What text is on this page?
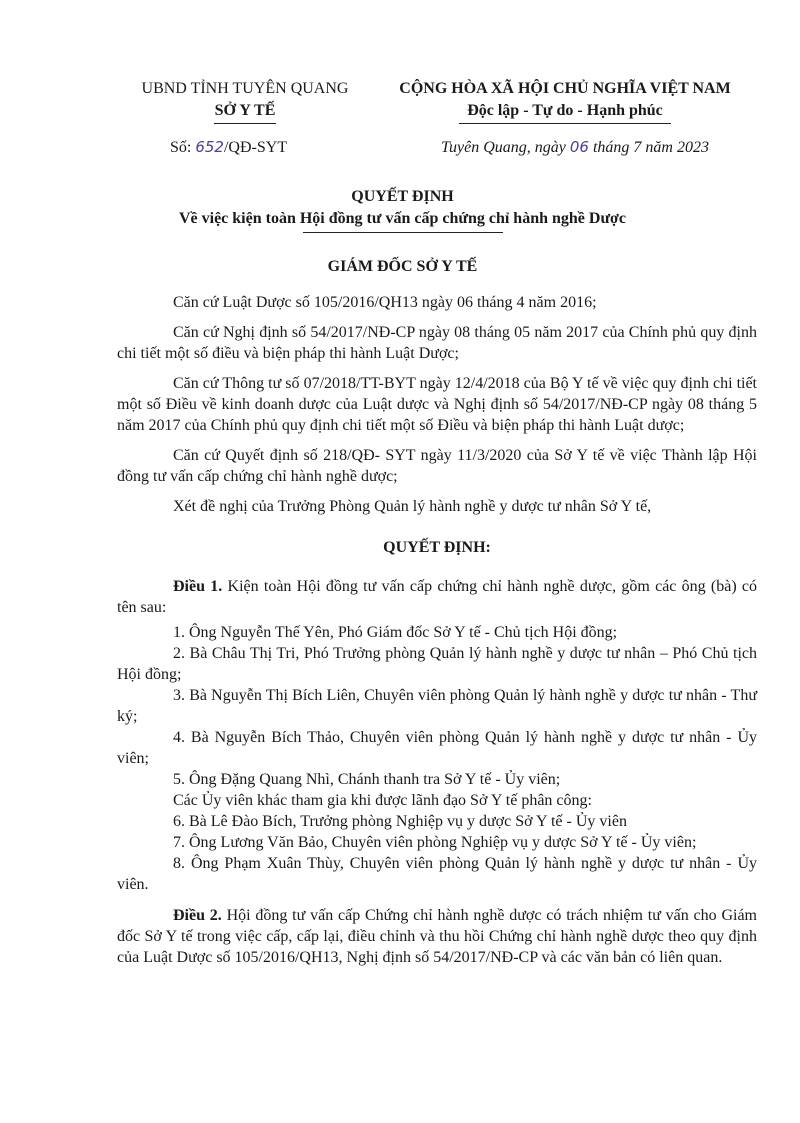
UBND TỈNH TUYÊN QUANG
SỞ Y TẾ
CỘNG HÒA XÃ HỘI CHỦ NGHĨA VIỆT NAM
Độc lập - Tự do - Hạnh phúc
Số: 652/QĐ-SYT	Tuyên Quang, ngày 06 tháng 7 năm 2023
QUYẾT ĐỊNH
Về việc kiện toàn Hội đồng tư vấn cấp chứng chỉ hành nghề Dược
GIÁM ĐỐC SỞ Y TẾ

Căn cứ Luật Dược số 105/2016/QH13 ngày 06 tháng 4 năm 2016;

Căn cứ Nghị định số 54/2017/NĐ-CP ngày 08 tháng 05 năm 2017 của Chính phủ quy định chi tiết một số điều và biện pháp thi hành Luật Dược;

Căn cứ Thông tư số 07/2018/TT-BYT ngày 12/4/2018 của Bộ Y tế về việc quy định chi tiết một số Điều về kinh doanh dược của Luật dược và Nghị định số 54/2017/NĐ-CP ngày 08 tháng 5 năm 2017 của Chính phủ quy định chi tiết một số Điều và biện pháp thi hành Luật dược;

Căn cứ Quyết định số 218/QĐ- SYT ngày 11/3/2020 của Sở Y tế về việc Thành lập Hội đồng tư vấn cấp chứng chỉ hành nghề dược;

Xét đề nghị của Trưởng Phòng Quản lý hành nghề y dược tư nhân Sở Y tế,

QUYẾT ĐỊNH:

Điều 1. Kiện toàn Hội đồng tư vấn cấp chứng chỉ hành nghề dược, gồm các ông (bà) có tên sau:

1. Ông Nguyễn Thế Yên, Phó Giám đốc Sở Y tế - Chủ tịch Hội đồng;

2. Bà Châu Thị Tri, Phó Trưởng phòng Quản lý hành nghề y dược tư nhân – Phó Chủ tịch Hội đồng;

3. Bà Nguyễn Thị Bích Liên, Chuyên viên phòng Quản lý hành nghề y dược tư nhân - Thư ký;

4. Bà Nguyễn Bích Thảo, Chuyên viên phòng Quản lý hành nghề y dược tư nhân - Ủy viên;

5. Ông Đặng Quang Nhì, Chánh thanh tra Sở Y tế - Ủy viên;

Các Ủy viên khác tham gia khi được lãnh đạo Sở Y tế phân công:

6. Bà Lê Đào Bích, Trưởng phòng Nghiệp vụ y dược Sở Y tế - Ủy viên

7. Ông Lương Văn Bảo, Chuyên viên phòng Nghiệp vụ y dược Sở Y tế - Ủy viên;

8. Ông Phạm Xuân Thùy, Chuyên viên phòng Quản lý hành nghề y dược tư nhân - Ủy viên.

Điều 2. Hội đồng tư vấn cấp Chứng chỉ hành nghề dược có trách nhiệm tư vấn cho Giám đốc Sở Y tế trong việc cấp, cấp lại, điều chỉnh và thu hồi Chứng chỉ hành nghề dược theo quy định của Luật Dược số 105/2016/QH13, Nghị định số 54/2017/NĐ-CP và các văn bản có liên quan.
